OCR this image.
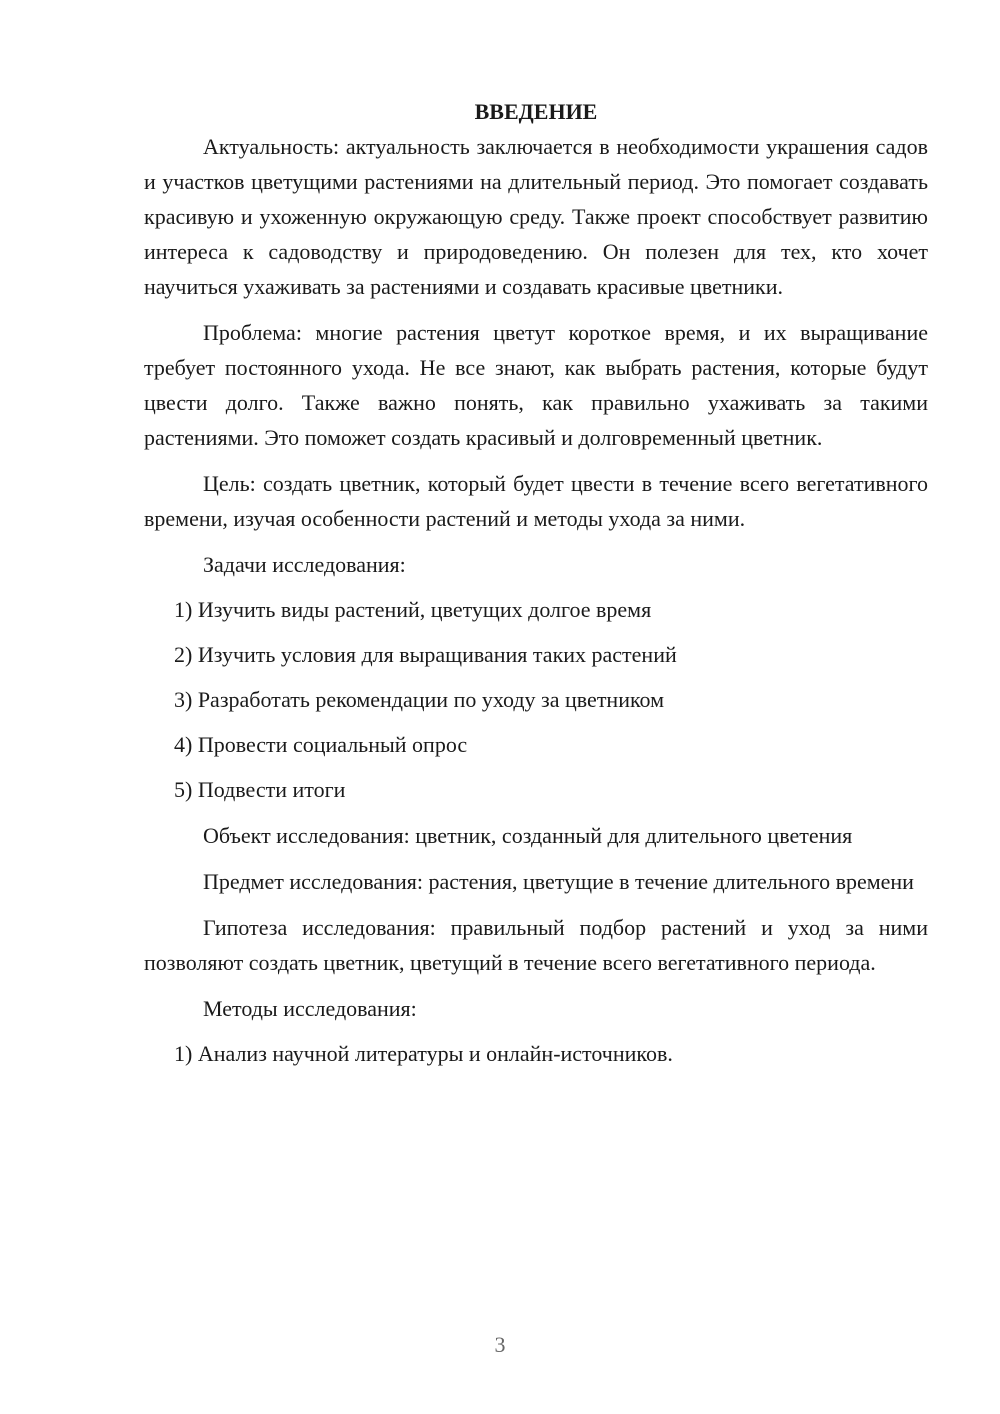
ВВЕДЕНИЕ

Актуальность: актуальность заключается в необходимости украшения садов и участков цветущими растениями на длительный период. Это помогает создавать красивую и ухоженную окружающую среду. Также проект способствует развитию интереса к садоводству и природоведению. Он полезен для тех, кто хочет научиться ухаживать за растениями и создавать красивые цветники.

Проблема: многие растения цветут короткое время, и их выращивание требует постоянного ухода. Не все знают, как выбрать растения, которые будут цвести долго. Также важно понять, как правильно ухаживать за такими растениями. Это поможет создать красивый и долговременный цветник.

Цель: создать цветник, который будет цвести в течение всего вегетативного времени, изучая особенности растений и методы ухода за ними.

Задачи исследования:

1) Изучить виды растений, цветущих долгое время

2) Изучить условия для выращивания таких растений

3) Разработать рекомендации по уходу за цветником

4) Провести социальный опрос

5) Подвести итоги

Объект исследования: цветник, созданный для длительного цветения

Предмет исследования: растения, цветущие в течение длительного времени

Гипотеза исследования: правильный подбор растений и уход за ними позволяют создать цветник, цветущий в течение всего вегетативного периода.

Методы исследования:

1) Анализ научной литературы и онлайн-источников.

3
